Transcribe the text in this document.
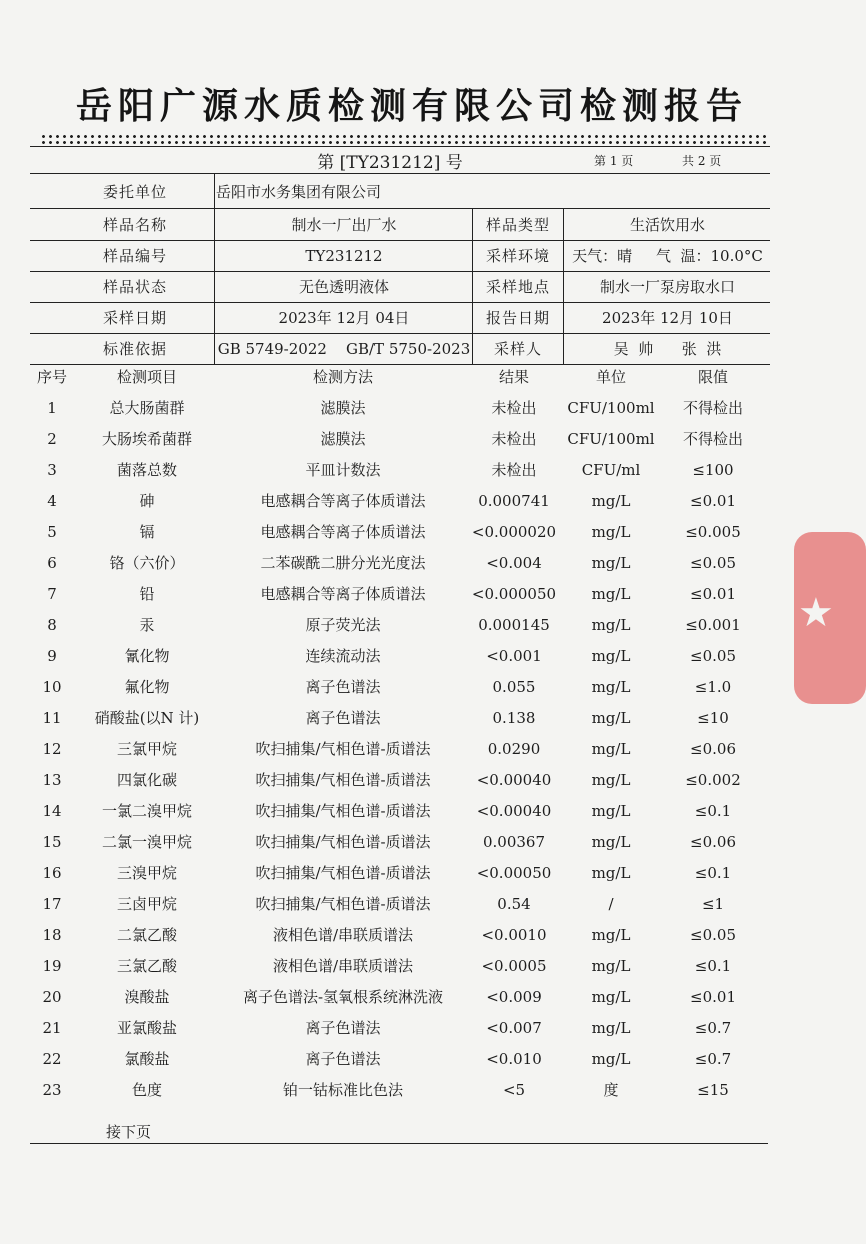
岳阳广源水质检测有限公司检测报告
第 [TY231212] 号	第 1 页	共 2 页
委托单位	岳阳市水务集团有限公司
样品名称	制水一厂出厂水	样品类型	生活饮用水
样品编号	TY231212	采样环境	天气：晴     气  温：10.0°C
样品状态	无色透明液体	采样地点	制水一厂泵房取水口
采样日期	2023年 12月 04日	报告日期	2023年 12月 10日
标准依据	GB 5749-2022    GB/T 5750-2023	采样人	吴  帅      张  洪
序号	检测项目	检测方法	结果	单位	限值
1	总大肠菌群	滤膜法	未检出	CFU/100ml	不得检出
2	大肠埃希菌群	滤膜法	未检出	CFU/100ml	不得检出
3	菌落总数	平皿计数法	未检出	CFU/ml	≤100
4	砷	电感耦合等离子体质谱法	0.000741	mg/L	≤0.01
5	镉	电感耦合等离子体质谱法	<0.000020	mg/L	≤0.005
6	铬（六价）	二苯碳酰二肼分光光度法	<0.004	mg/L	≤0.05
7	铅	电感耦合等离子体质谱法	<0.000050	mg/L	≤0.01
8	汞	原子荧光法	0.000145	mg/L	≤0.001
9	氰化物	连续流动法	<0.001	mg/L	≤0.05
10	氟化物	离子色谱法	0.055	mg/L	≤1.0
11	硝酸盐(以N 计)	离子色谱法	0.138	mg/L	≤10
12	三氯甲烷	吹扫捕集/气相色谱-质谱法	0.0290	mg/L	≤0.06
13	四氯化碳	吹扫捕集/气相色谱-质谱法	<0.00040	mg/L	≤0.002
14	一氯二溴甲烷	吹扫捕集/气相色谱-质谱法	<0.00040	mg/L	≤0.1
15	二氯一溴甲烷	吹扫捕集/气相色谱-质谱法	0.00367	mg/L	≤0.06
16	三溴甲烷	吹扫捕集/气相色谱-质谱法	<0.00050	mg/L	≤0.1
17	三卤甲烷	吹扫捕集/气相色谱-质谱法	0.54	/	≤1
18	二氯乙酸	液相色谱/串联质谱法	<0.0010	mg/L	≤0.05
19	三氯乙酸	液相色谱/串联质谱法	<0.0005	mg/L	≤0.1
20	溴酸盐	离子色谱法-氢氧根系统淋洗液	<0.009	mg/L	≤0.01
21	亚氯酸盐	离子色谱法	<0.007	mg/L	≤0.7
22	氯酸盐	离子色谱法	<0.010	mg/L	≤0.7
23	色度	铂一钴标准比色法	<5	度	≤15
接下页
★
